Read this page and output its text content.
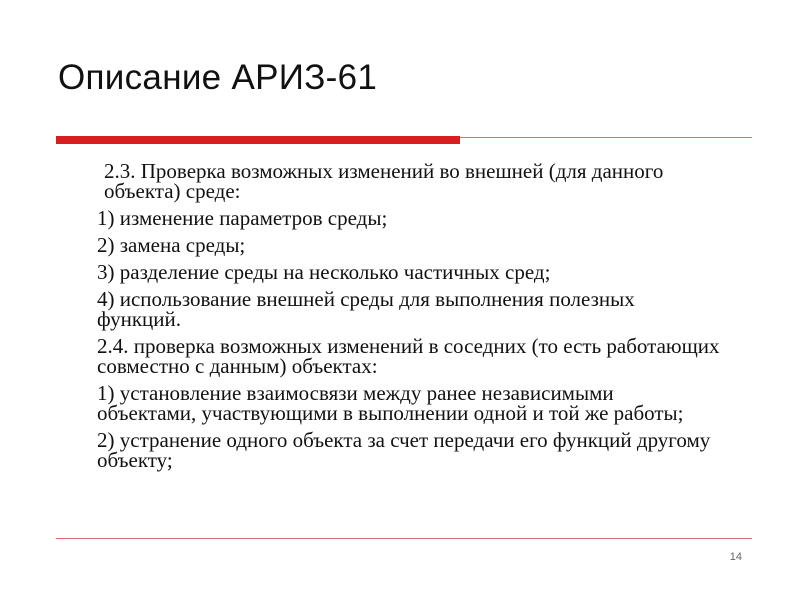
Описание АРИЗ-61

2.3. Проверка возможных изменений во внешней (для данного объекта) среде:

1) изменение параметров среды;

2) замена среды;

3) разделение среды на несколько частичных сред;

4) использование внешней среды для выполнения полезных функций.

2.4. проверка возможных изменений в соседних (то есть работающих совместно с данным) объектах:

1) установление взаимосвязи между ранее независимыми объектами, участвующими в выполнении одной и той же работы;

2) устранение одного объекта за счет передачи его функций другому объекту;

14
